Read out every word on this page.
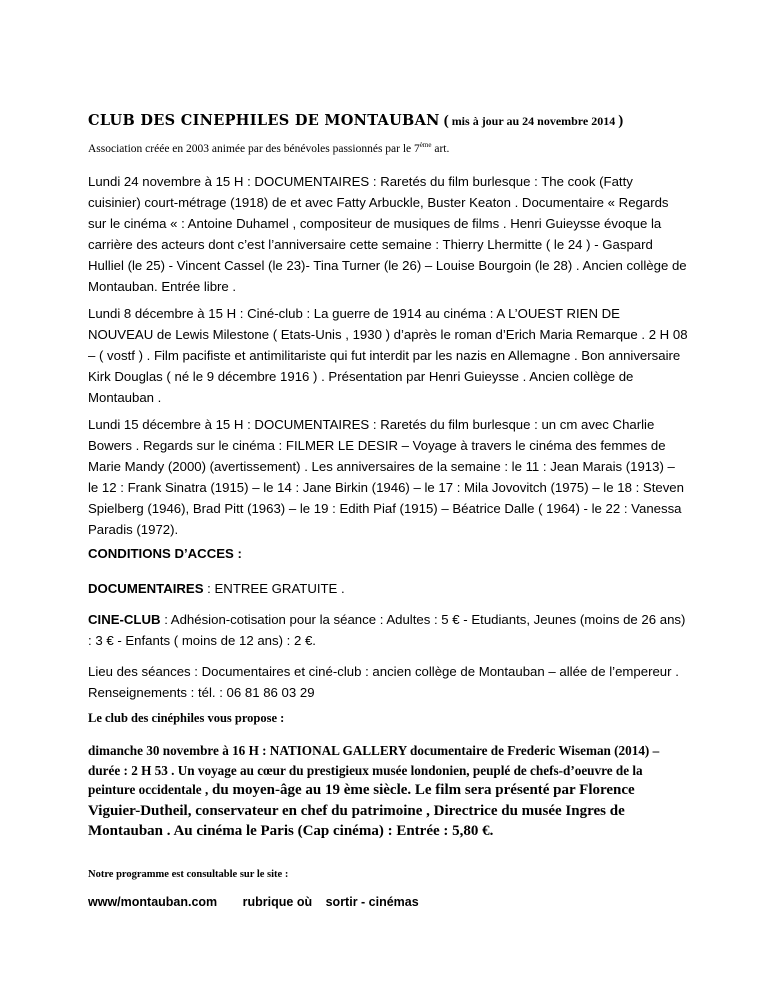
CLUB DES CINEPHILES DE MONTAUBAN ( mis à jour au 24 novembre 2014 )
Association créée en 2003 animée par des bénévoles passionnés par le 7ème art.
Lundi 24 novembre à 15 H : DOCUMENTAIRES : Raretés du film burlesque : The cook (Fatty cuisinier) court-métrage (1918) de et avec Fatty Arbuckle, Buster Keaton . Documentaire « Regards sur le cinéma « : Antoine Duhamel , compositeur de musiques de films . Henri Guieysse évoque la carrière des acteurs dont c’est l’anniversaire cette semaine : Thierry Lhermitte ( le 24 ) - Gaspard Hulliel (le 25) - Vincent Cassel (le 23)- Tina Turner (le 26) – Louise Bourgoin (le 28) . Ancien collège de Montauban. Entrée libre .
Lundi 8 décembre à 15 H : Ciné-club : La guerre de 1914 au cinéma : A L’OUEST RIEN DE NOUVEAU de Lewis Milestone ( Etats-Unis , 1930 ) d’après le roman d’Erich Maria Remarque . 2 H 08 – ( vostf ) . Film pacifiste et antimilitariste qui fut interdit par les nazis en Allemagne . Bon anniversaire Kirk Douglas ( né le 9 décembre 1916 ) . Présentation par Henri Guieysse . Ancien collège de Montauban .
Lundi 15 décembre à 15 H : DOCUMENTAIRES : Raretés du film burlesque : un cm avec Charlie Bowers . Regards sur le cinéma : FILMER LE DESIR – Voyage à travers le cinéma des femmes de Marie Mandy (2000) (avertissement) . Les anniversaires de la semaine : le 11 : Jean Marais (1913) – le 12 : Frank Sinatra (1915) – le 14 : Jane Birkin (1946) – le 17 : Mila Jovovitch (1975) – le 18 : Steven Spielberg (1946), Brad Pitt (1963) – le 19 : Edith Piaf (1915) – Béatrice Dalle ( 1964) - le 22 : Vanessa Paradis (1972).
CONDITIONS D’ACCES :
DOCUMENTAIRES : ENTREE GRATUITE .
CINE-CLUB : Adhésion-cotisation pour la séance : Adultes : 5 € - Etudiants, Jeunes (moins de 26 ans) : 3 € - Enfants ( moins de 12 ans) : 2 €.
Lieu des séances : Documentaires et ciné-club : ancien collège de Montauban – allée de l’empereur . Renseignements : tél. : 06 81 86 03 29
Le club des cinéphiles vous propose :
dimanche 30 novembre à 16 H : NATIONAL GALLERY documentaire de Frederic Wiseman (2014) – durée : 2 H 53 . Un voyage au cœur du prestigieux musée londonien, peuplé de chefs-d’oeuvre de la peinture occidentale , du moyen-âge au 19 ème siècle. Le film sera présenté par Florence Viguier-Dutheil, conservateur en chef du patrimoine , Directrice du musée Ingres de Montauban . Au cinéma le Paris (Cap cinéma) : Entrée : 5,80 €.
Notre programme est consultable sur le site :
www/montauban.com rubrique où sortir - cinémas
